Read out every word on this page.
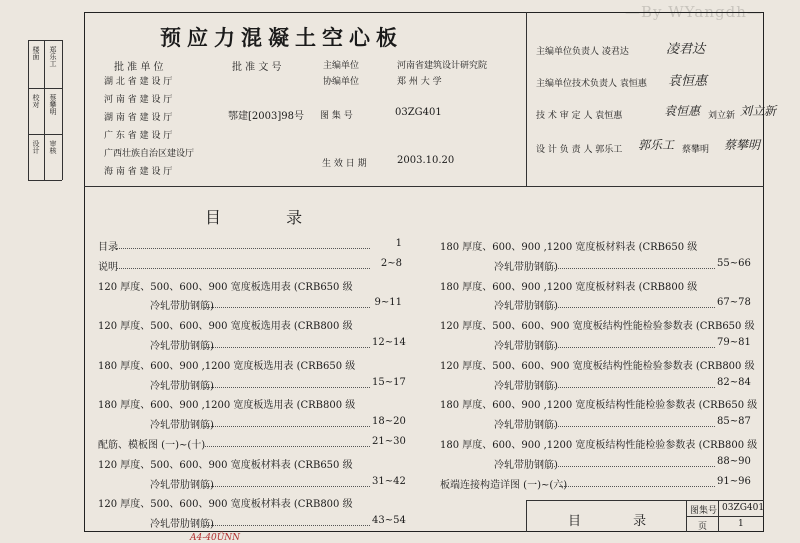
—By WYangdh—
楼面 郑乐工
蔡攀明
校对
设计 审核
预应力混凝土空心板
批 准 单 位	批 准 文 号	主编单位	河南省建筑设计研究院
协编单位	郑 州 大 学
湖 北 省 建 设 厅
河 南 省 建 设 厅
湖 南 省 建 设 厅
广 东 省 建 设 厅
广西壮族自治区建设厅
海 南 省 建 设 厅
鄂建[2003]98号 图 集 号	03ZG401
生 效 日 期	2003.10.20
主编单位负责人 凌君达	凌君达
主编单位技术负责人 袁恒惠 袁恒惠
技 术 审 定 人 袁恒惠	袁恒惠 刘立新 刘立新
设 计 负 责 人 郭乐工 郭乐工 蔡攀明 蔡攀明
目 录
目录	1
说明	2~8
120 厚度、500、600、900 宽度板选用表 (CRB650 级
冷轧带肋钢筋)	9~11
120 厚度、500、600、900 宽度板选用表 (CRB800 级
冷轧带肋钢筋)	12~14
180 厚度、600、900 ,1200 宽度板选用表 (CRB650 级
冷轧带肋钢筋)	15~17
180 厚度、600、900 ,1200 宽度板选用表 (CRB800 级
冷轧带肋钢筋)	18~20
配筋、模板图 (一)~(十)	21~30
120 厚度、500、600、900 宽度板材料表 (CRB650 级
冷轧带肋钢筋)	31~42
120 厚度、500、600、900 宽度板材料表 (CRB800 级
冷轧带肋钢筋)	43~54
180 厚度、600、900 ,1200 宽度板材料表 (CRB650 级
冷轧带肋钢筋)	55~66
180 厚度、600、900 ,1200 宽度板材料表 (CRB800 级
冷轧带肋钢筋)	67~78
120 厚度、500、600、900 宽度板结构性能检验参数表 (CRB650 级
冷轧带肋钢筋)	79~81
120 厚度、500、600、900 宽度板结构性能检验参数表 (CRB800 级
冷轧带肋钢筋)	82~84
180 厚度、600、900 ,1200 宽度板结构性能检验参数表 (CRB650 级
冷轧带肋钢筋)	85~87
180 厚度、600、900 ,1200 宽度板结构性能检验参数表 (CRB800 级
冷轧带肋钢筋)	88~90
板端连接构造详图 (一)~(六)	91~96
目 录
图集号 03ZG401
页	1
A4-40ÜNN
